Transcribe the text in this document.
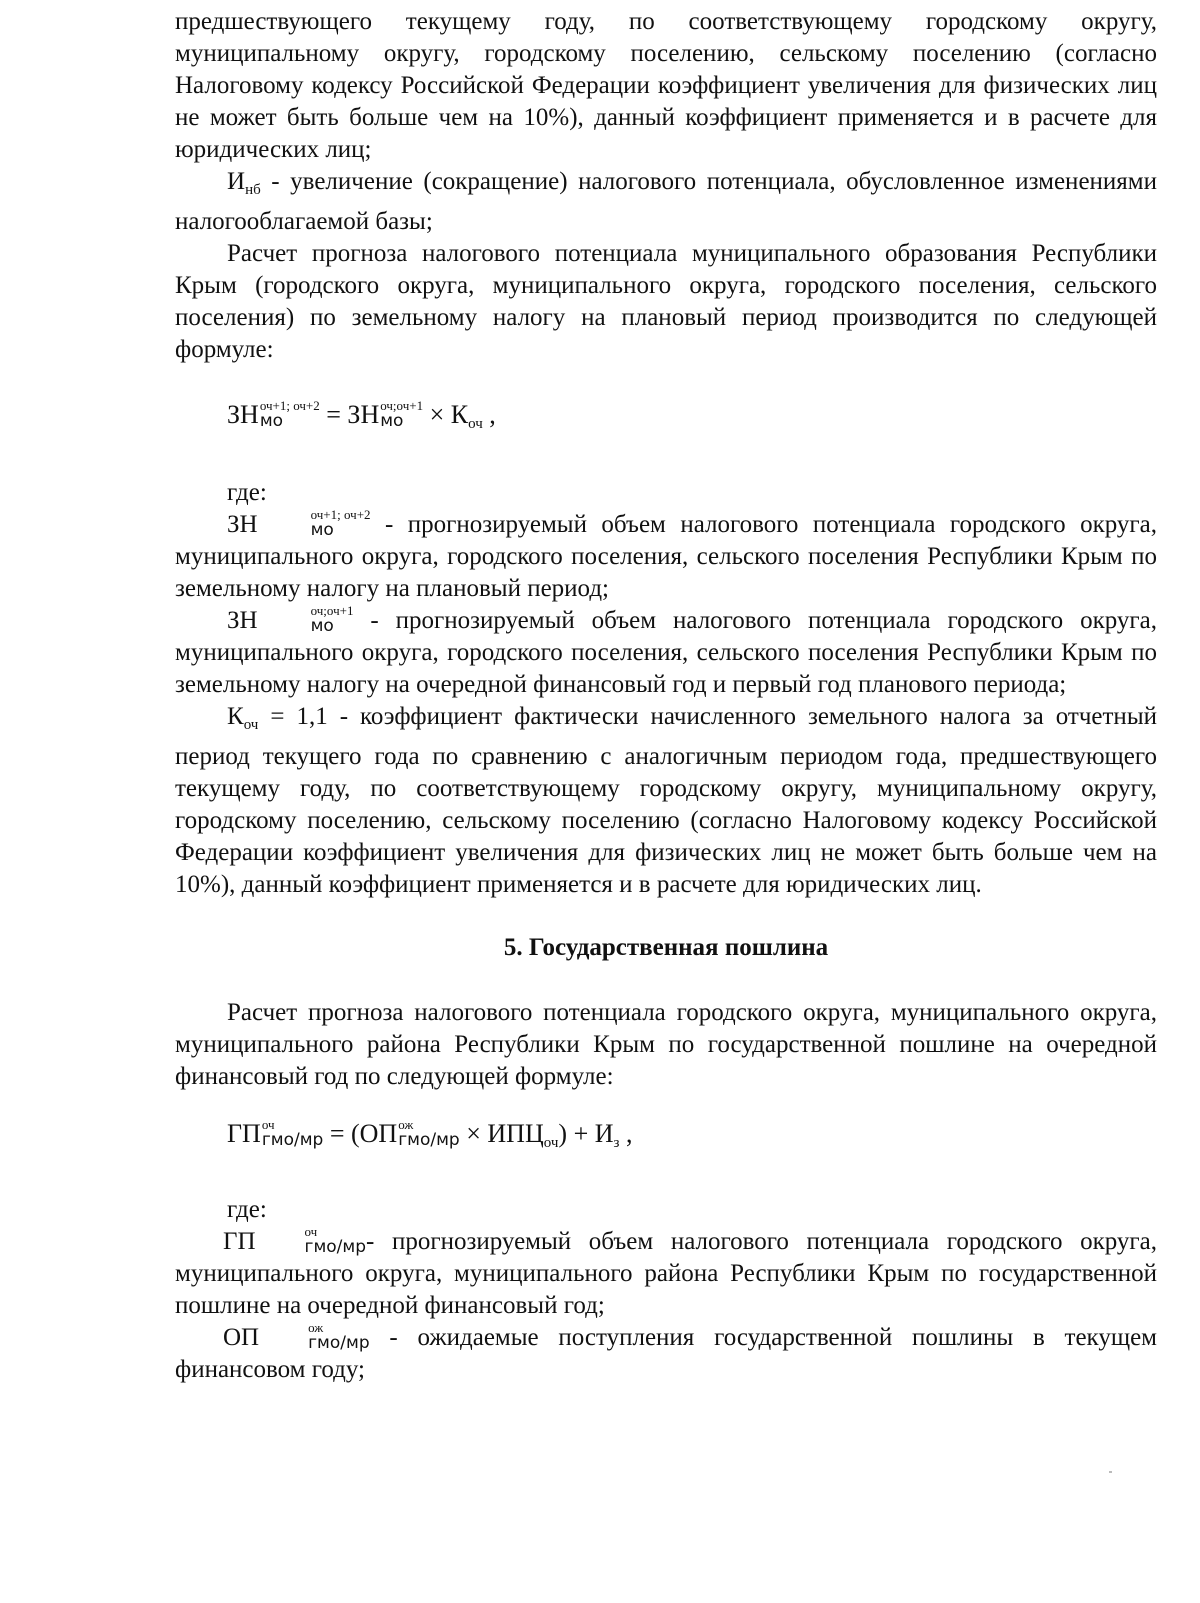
предшествующего текущему году, по соответствующему городскому округу, муниципальному округу, городскому поселению, сельскому поселению (согласно Налоговому кодексу Российской Федерации коэффициент увеличения для физических лиц не может быть больше чем на 10%), данный коэффициент применяется и в расчете для юридических лиц;

$И_{нб}$ - увеличение (сокращение) налогового потенциала, обусловленное изменениями налогооблагаемой базы;

Расчет прогноза налогового потенциала муниципального образования Республики Крым (городского округа, муниципального округа, городского поселения, сельского поселения) по земельному налогу на плановый период производится по следующей формуле:

ЗН оч+1; оч+2
мо	= ЗН оч;оч+1
мо × Коч ,

где:

ЗН	оч+1; оч+2
мо	- прогнозируемый объем налогового потенциала городского округа, муниципального округа, городского поселения, сельского поселения Республики Крым по земельному налогу на плановый период;

ЗН	оч;оч+1
мо - прогнозируемый объем налогового потенциала городского округа, муниципального округа, городского поселения, сельского поселения Республики Крым по земельному налогу на очередной финансовый год и первый год планового периода;

$К_{оч} = 1,1$ - коэффициент фактически начисленного земельного налога за отчетный период текущего года по сравнению с аналогичным периодом года, предшествующего текущему году, по соответствующему городскому округу, муниципальному округу, городскому поселению, сельскому поселению (согласно Налоговому кодексу Российской Федерации коэффициент увеличения для физических лиц не может быть больше чем на 10%), данный коэффициент применяется и в расчете для юридических лиц.

5. Государственная пошлина

Расчет прогноза налогового потенциала городского округа, муниципального округа, муниципального района Республики Крым по государственной пошлине на очередной финансовый год по следующей формуле:

ГП оч
гмо/мр = (ОП ож
гмо/мр × ИПЦоч) + Из ,

где:

ГП	оч
гмо/мр - прогнозируемый объем налогового потенциала городского округа, муниципального округа, муниципального района Республики Крым по государственной пошлине на очередной финансовый год;

ОП	ож
гмо/мр - ожидаемые поступления государственной пошлины в текущем финансовом году;
